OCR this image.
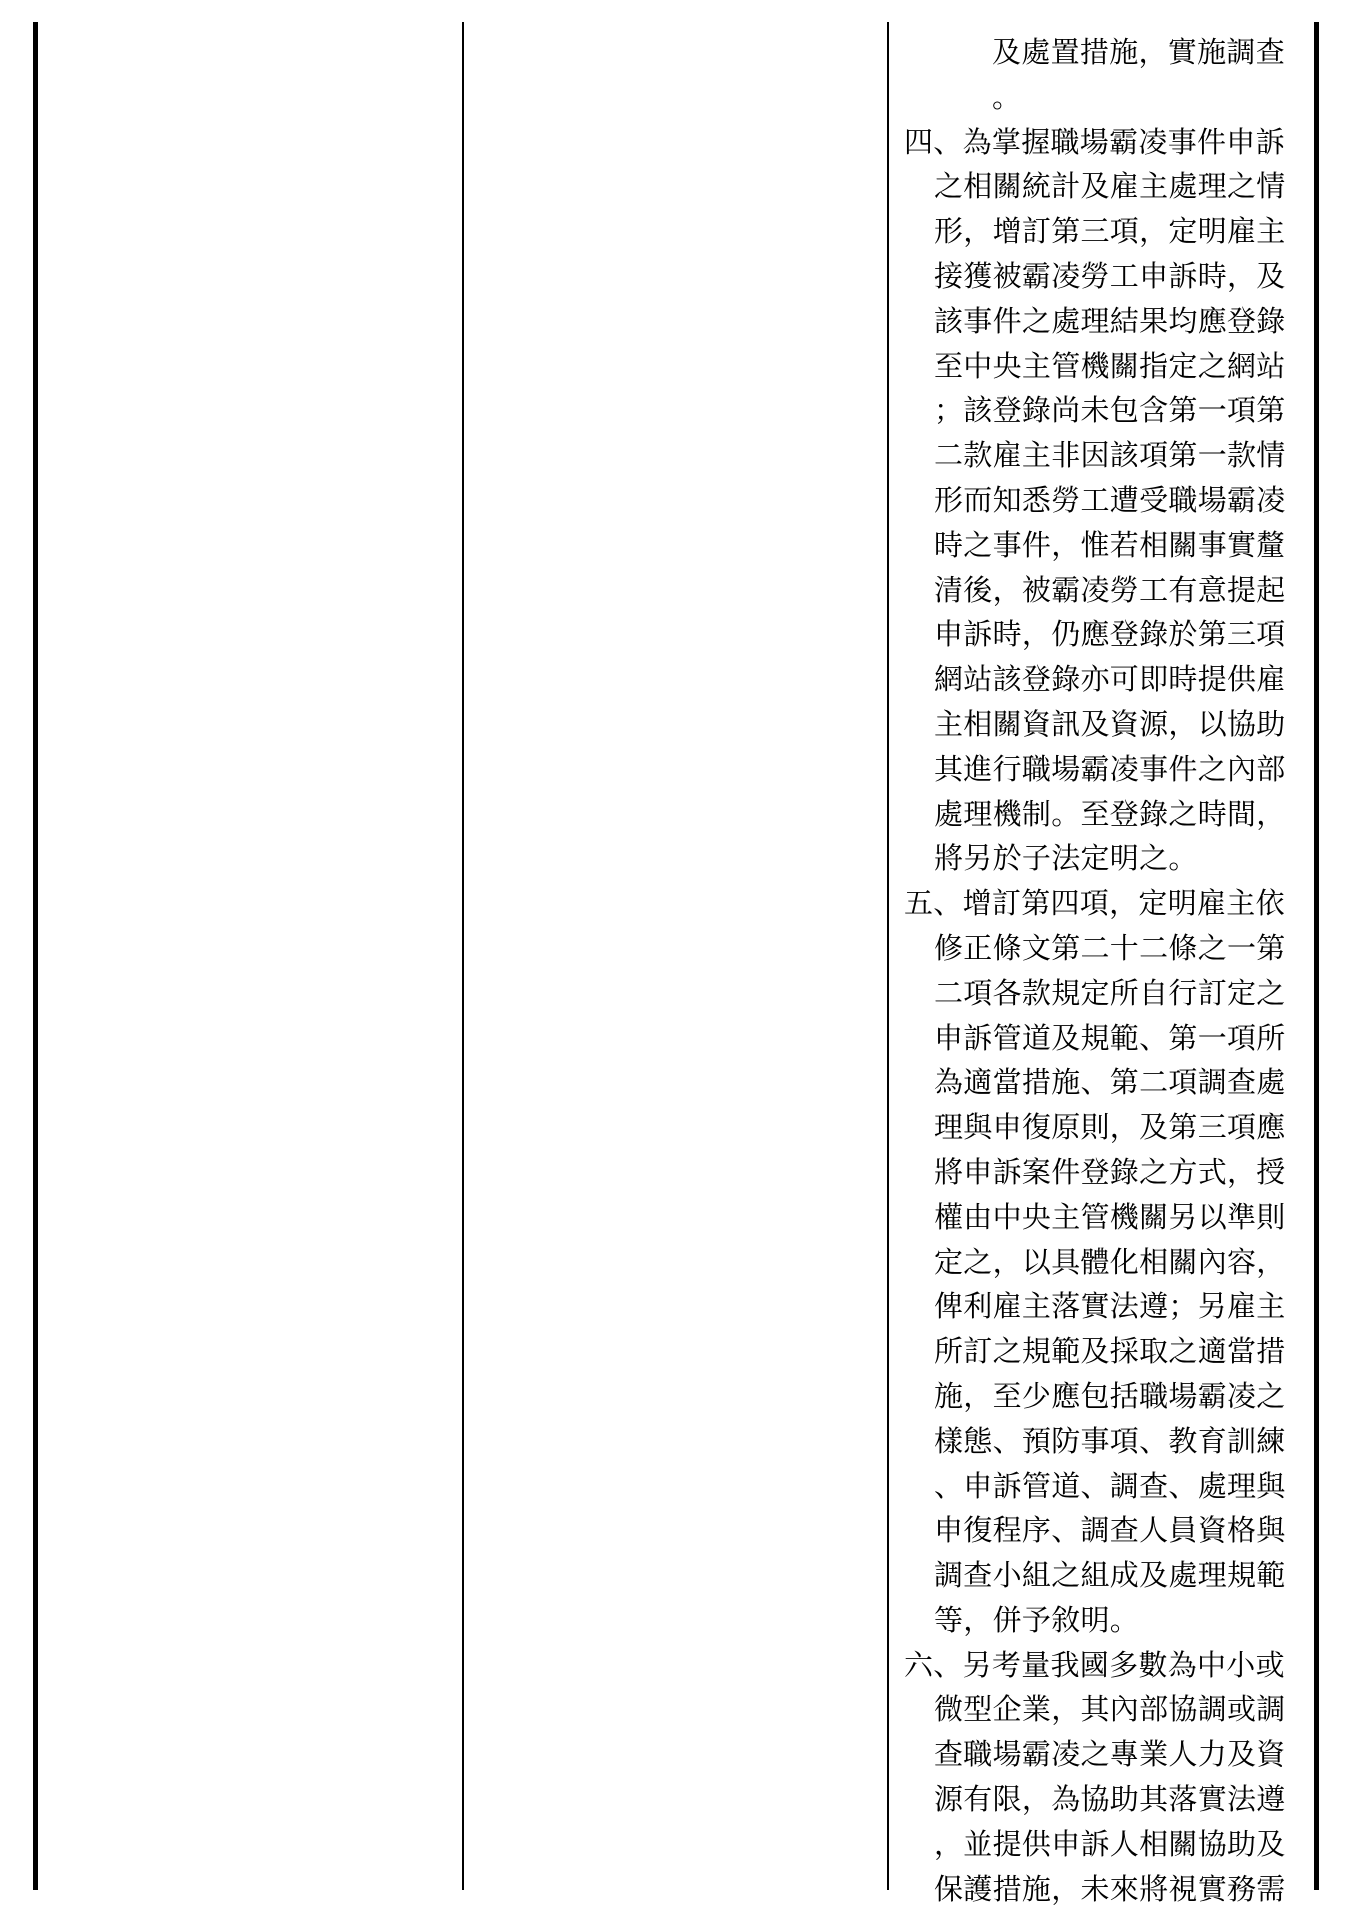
及處置措施，實施調查
。
四、為掌握職場霸凌事件申訴
之相關統計及雇主處理之情
形，增訂第三項，定明雇主
接獲被霸凌勞工申訴時，及
該事件之處理結果均應登錄
至中央主管機關指定之網站
；該登錄尚未包含第一項第
二款雇主非因該項第一款情
形而知悉勞工遭受職場霸凌
時之事件，惟若相關事實釐
清後，被霸凌勞工有意提起
申訴時，仍應登錄於第三項
網站該登錄亦可即時提供雇
主相關資訊及資源，以協助
其進行職場霸凌事件之內部
處理機制。至登錄之時間，
將另於子法定明之。
五、增訂第四項，定明雇主依
修正條文第二十二條之一第
二項各款規定所自行訂定之
申訴管道及規範、第一項所
為適當措施、第二項調查處
理與申復原則，及第三項應
將申訴案件登錄之方式，授
權由中央主管機關另以準則
定之，以具體化相關內容，
俾利雇主落實法遵；另雇主
所訂之規範及採取之適當措
施，至少應包括職場霸凌之
樣態、預防事項、教育訓練
、申訴管道、調查、處理與
申復程序、調查人員資格與
調查小組之組成及處理規範
等，併予敘明。
六、另考量我國多數為中小或
微型企業，其內部協調或調
查職場霸凌之專業人力及資
源有限，為協助其落實法遵
，並提供申訴人相關協助及
保護措施，未來將視實務需
